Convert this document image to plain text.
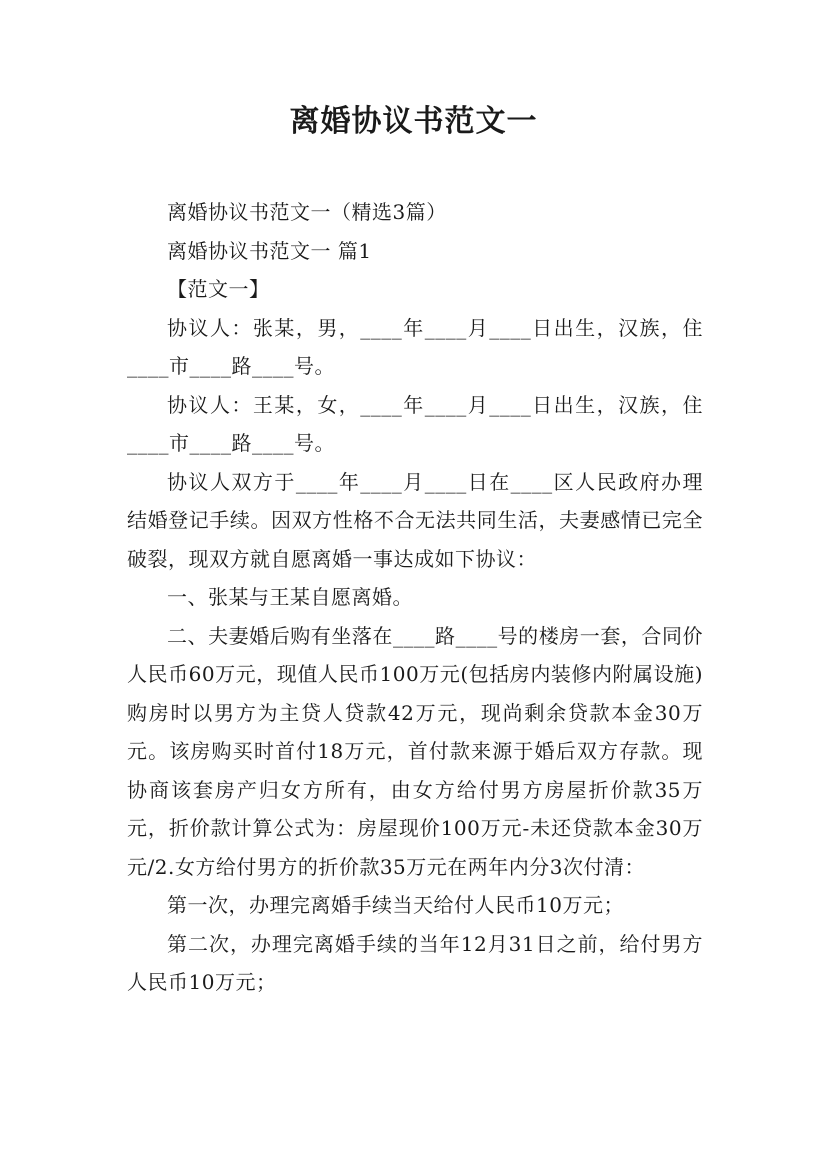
离婚协议书范文一

离婚协议书范文一（精选3篇）

离婚协议书范文一 篇1

【范文一】

协议人：张某，男，____年____月____日出生，汉族，住____市____路____号。

协议人：王某，女，____年____月____日出生，汉族，住____市____路____号。

协议人双方于____年____月____日在____区人民政府办理结婚登记手续。因双方性格不合无法共同生活，夫妻感情已完全破裂，现双方就自愿离婚一事达成如下协议：

一、张某与王某自愿离婚。

二、夫妻婚后购有坐落在____路____号的楼房一套，合同价人民币60万元，现值人民币100万元(包括房内装修内附属设施)购房时以男方为主贷人贷款42万元，现尚剩余贷款本金30万元。该房购买时首付18万元，首付款来源于婚后双方存款。现协商该套房产归女方所有，由女方给付男方房屋折价款35万元，折价款计算公式为：房屋现价100万元-未还贷款本金30万元/2.女方给付男方的折价款35万元在两年内分3次付清：

第一次，办理完离婚手续当天给付人民币10万元；

第二次，办理完离婚手续的当年12月31日之前，给付男方人民币10万元；
